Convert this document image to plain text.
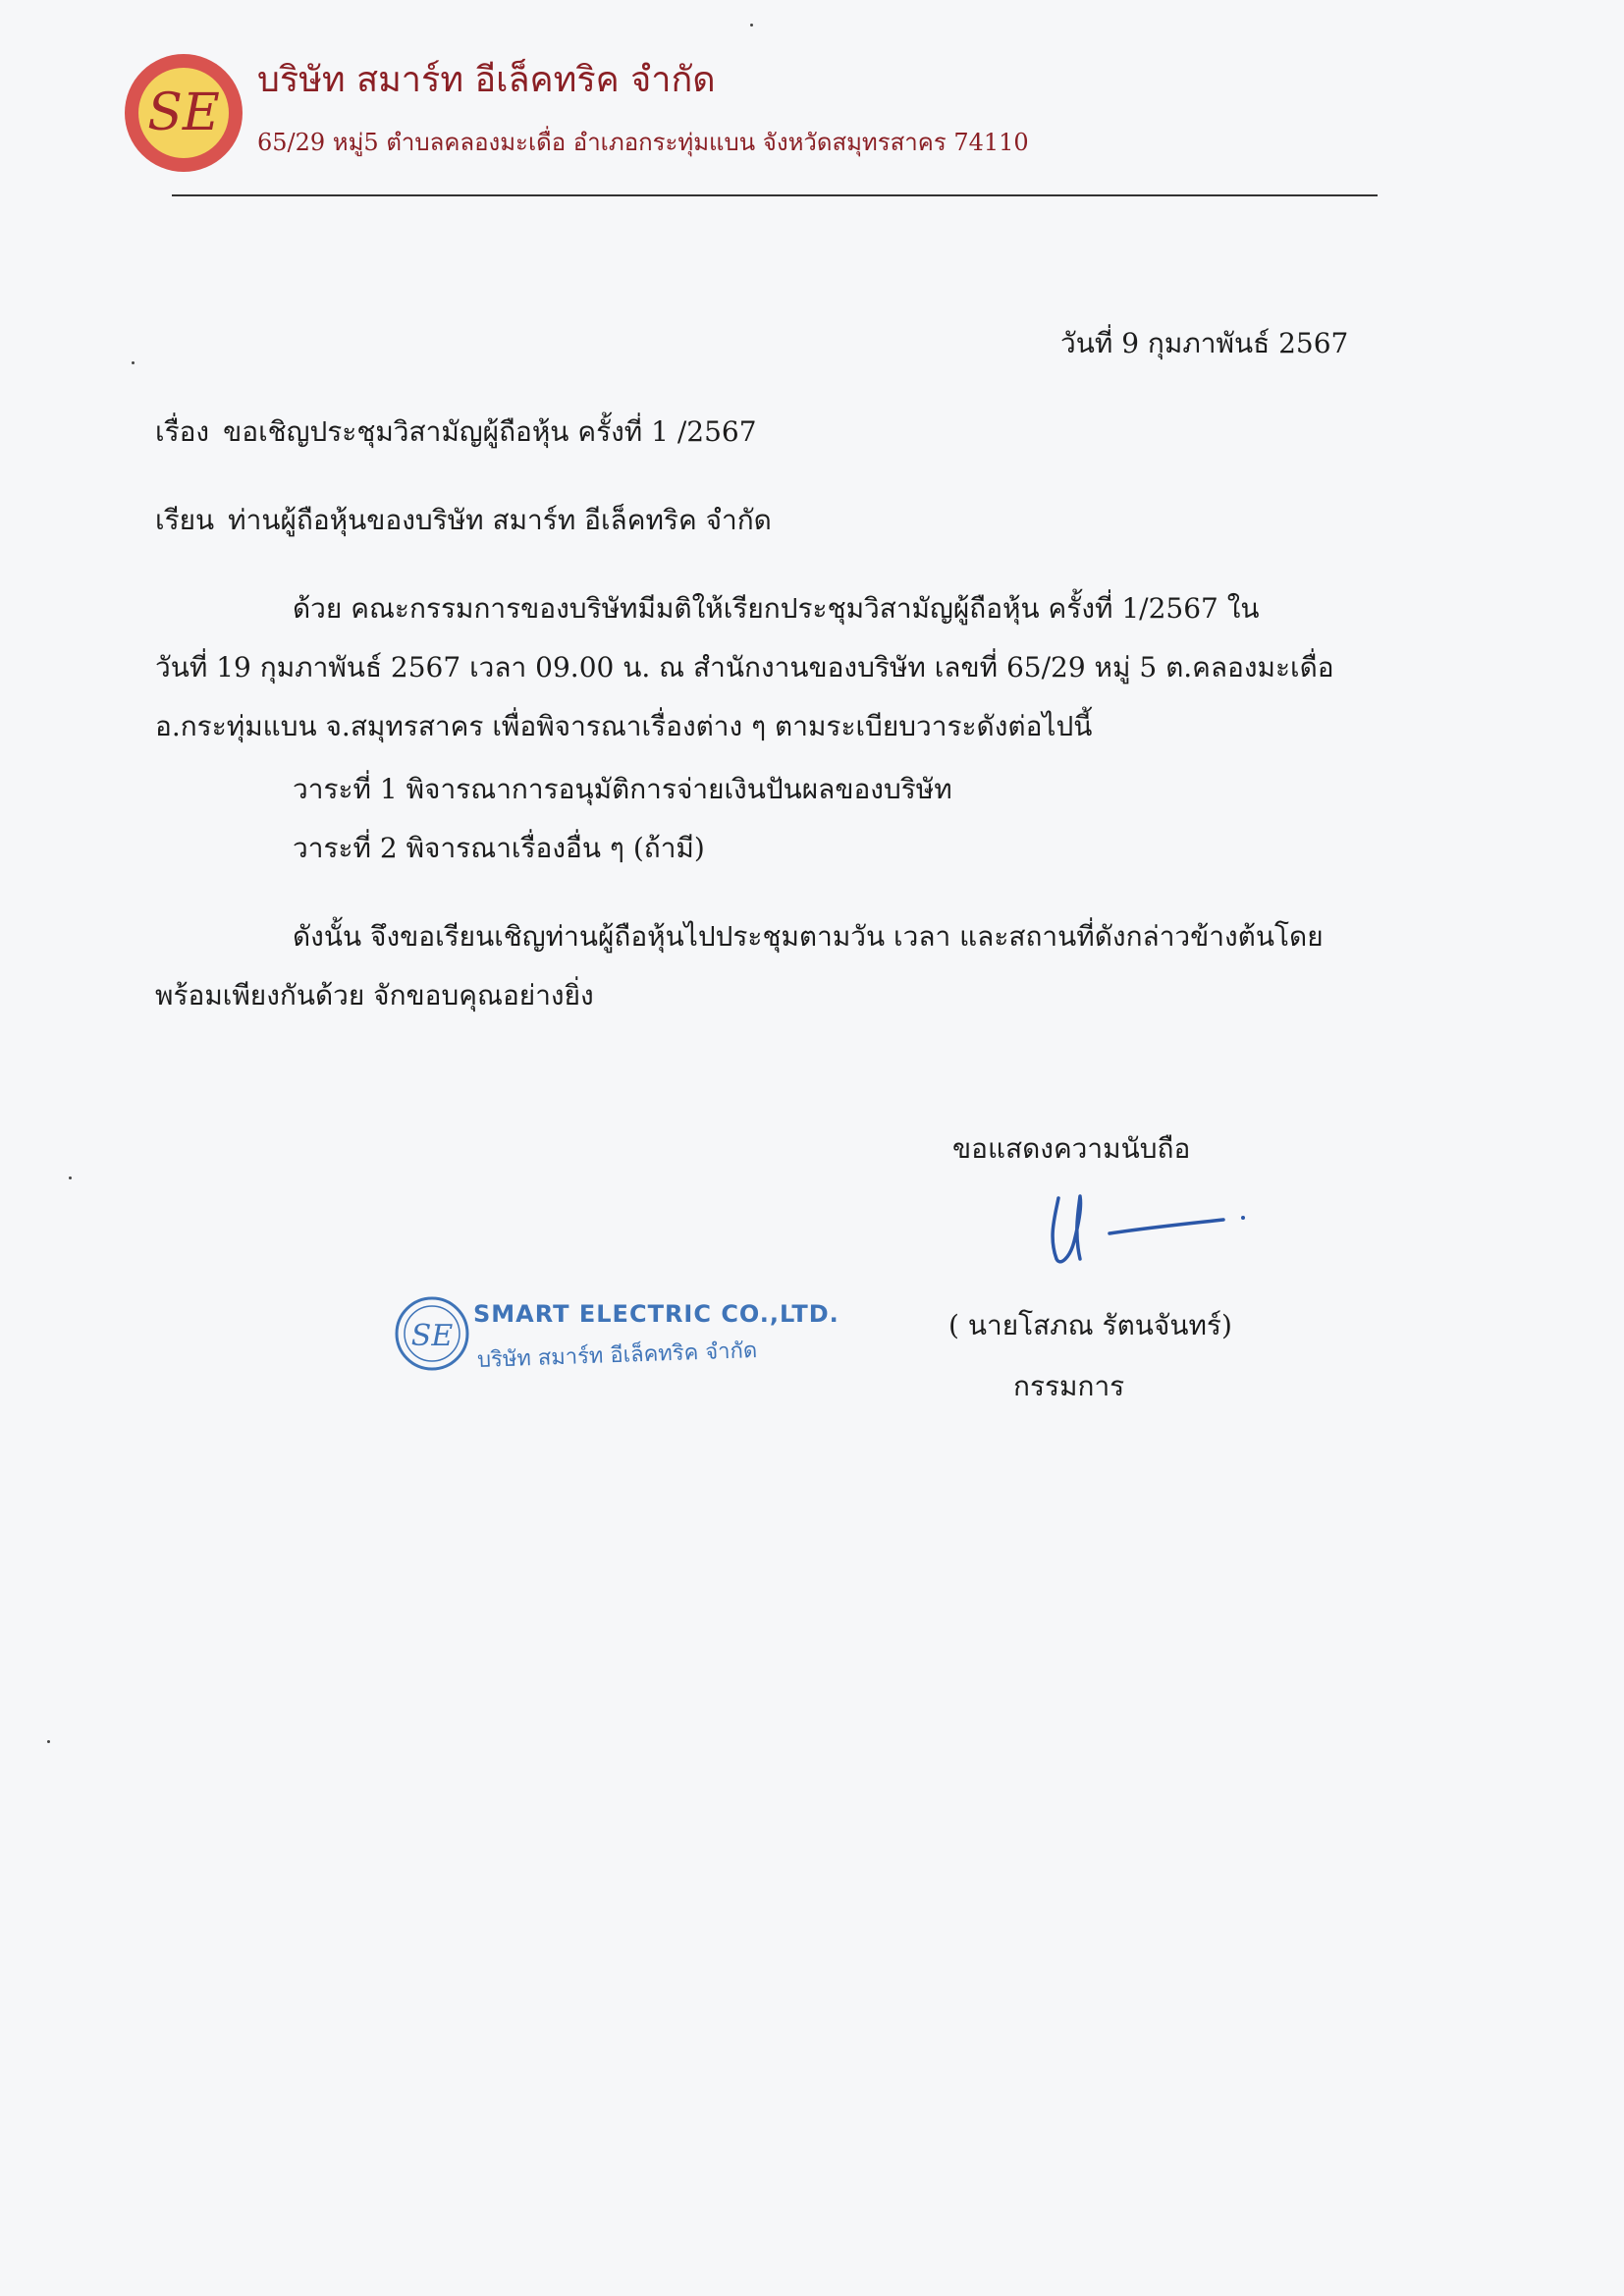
SE
บริษัท สมาร์ท อีเล็คทริค จำกัด
65/29 หมู่5 ตำบลคลองมะเดื่อ อำเภอกระทุ่มแบน จังหวัดสมุทรสาคร 74110
วันที่ 9 กุมภาพันธ์ 2567
เรื่อง ขอเชิญประชุมวิสามัญผู้ถือหุ้น ครั้งที่ 1 /2567
เรียน ท่านผู้ถือหุ้นของบริษัท สมาร์ท อีเล็คทริค จำกัด
ด้วย คณะกรรมการของบริษัทมีมติให้เรียกประชุมวิสามัญผู้ถือหุ้น ครั้งที่ 1/2567 ใน
วันที่ 19 กุมภาพันธ์ 2567 เวลา 09.00 น. ณ สำนักงานของบริษัท เลขที่ 65/29 หมู่ 5 ต.คลองมะเดื่อ
อ.กระทุ่มแบน จ.สมุทรสาคร เพื่อพิจารณาเรื่องต่าง ๆ ตามระเบียบวาระดังต่อไปนี้
วาระที่ 1 พิจารณาการอนุมัติการจ่ายเงินปันผลของบริษัท
วาระที่ 2 พิจารณาเรื่องอื่น ๆ (ถ้ามี)
ดังนั้น จึงขอเรียนเชิญท่านผู้ถือหุ้นไปประชุมตามวัน เวลา และสถานที่ดังกล่าวข้างต้นโดย
พร้อมเพียงกันด้วย จักขอบคุณอย่างยิ่ง
ขอแสดงความนับถือ
( นายโสภณ รัตนจันทร์)
กรรมการ
SE
SMART ELECTRIC CO.,LTD.
บริษัท สมาร์ท อีเล็คทริค จำกัด
